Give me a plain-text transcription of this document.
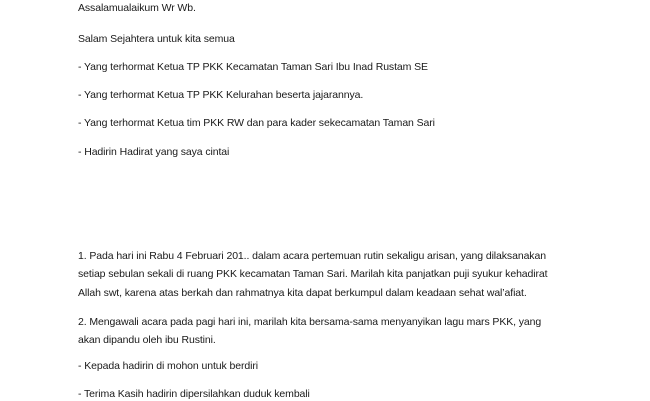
Assalamualaikum Wr Wb.
Salam Sejahtera untuk kita semua
- Yang terhormat Ketua TP PKK Kecamatan Taman Sari Ibu Inad Rustam SE
- Yang terhormat Ketua TP PKK Kelurahan beserta jajarannya.
- Yang terhormat Ketua tim PKK RW dan para kader sekecamatan Taman Sari
- Hadirin Hadirat yang saya cintai
1. Pada hari ini Rabu 4 Februari 201.. dalam acara pertemuan rutin sekaligu arisan, yang dilaksanakan
setiap sebulan sekali di ruang PKK kecamatan Taman Sari. Marilah kita panjatkan puji syukur kehadirat
Allah swt, karena atas berkah dan rahmatnya kita dapat berkumpul dalam keadaan sehat wal’afiat.
2. Mengawali acara pada pagi hari ini, marilah kita bersama-sama menyanyikan lagu mars PKK, yang
akan dipandu oleh ibu Rustini.
- Kepada hadirin di mohon untuk berdiri
- Terima Kasih hadirin dipersilahkan duduk kembali
